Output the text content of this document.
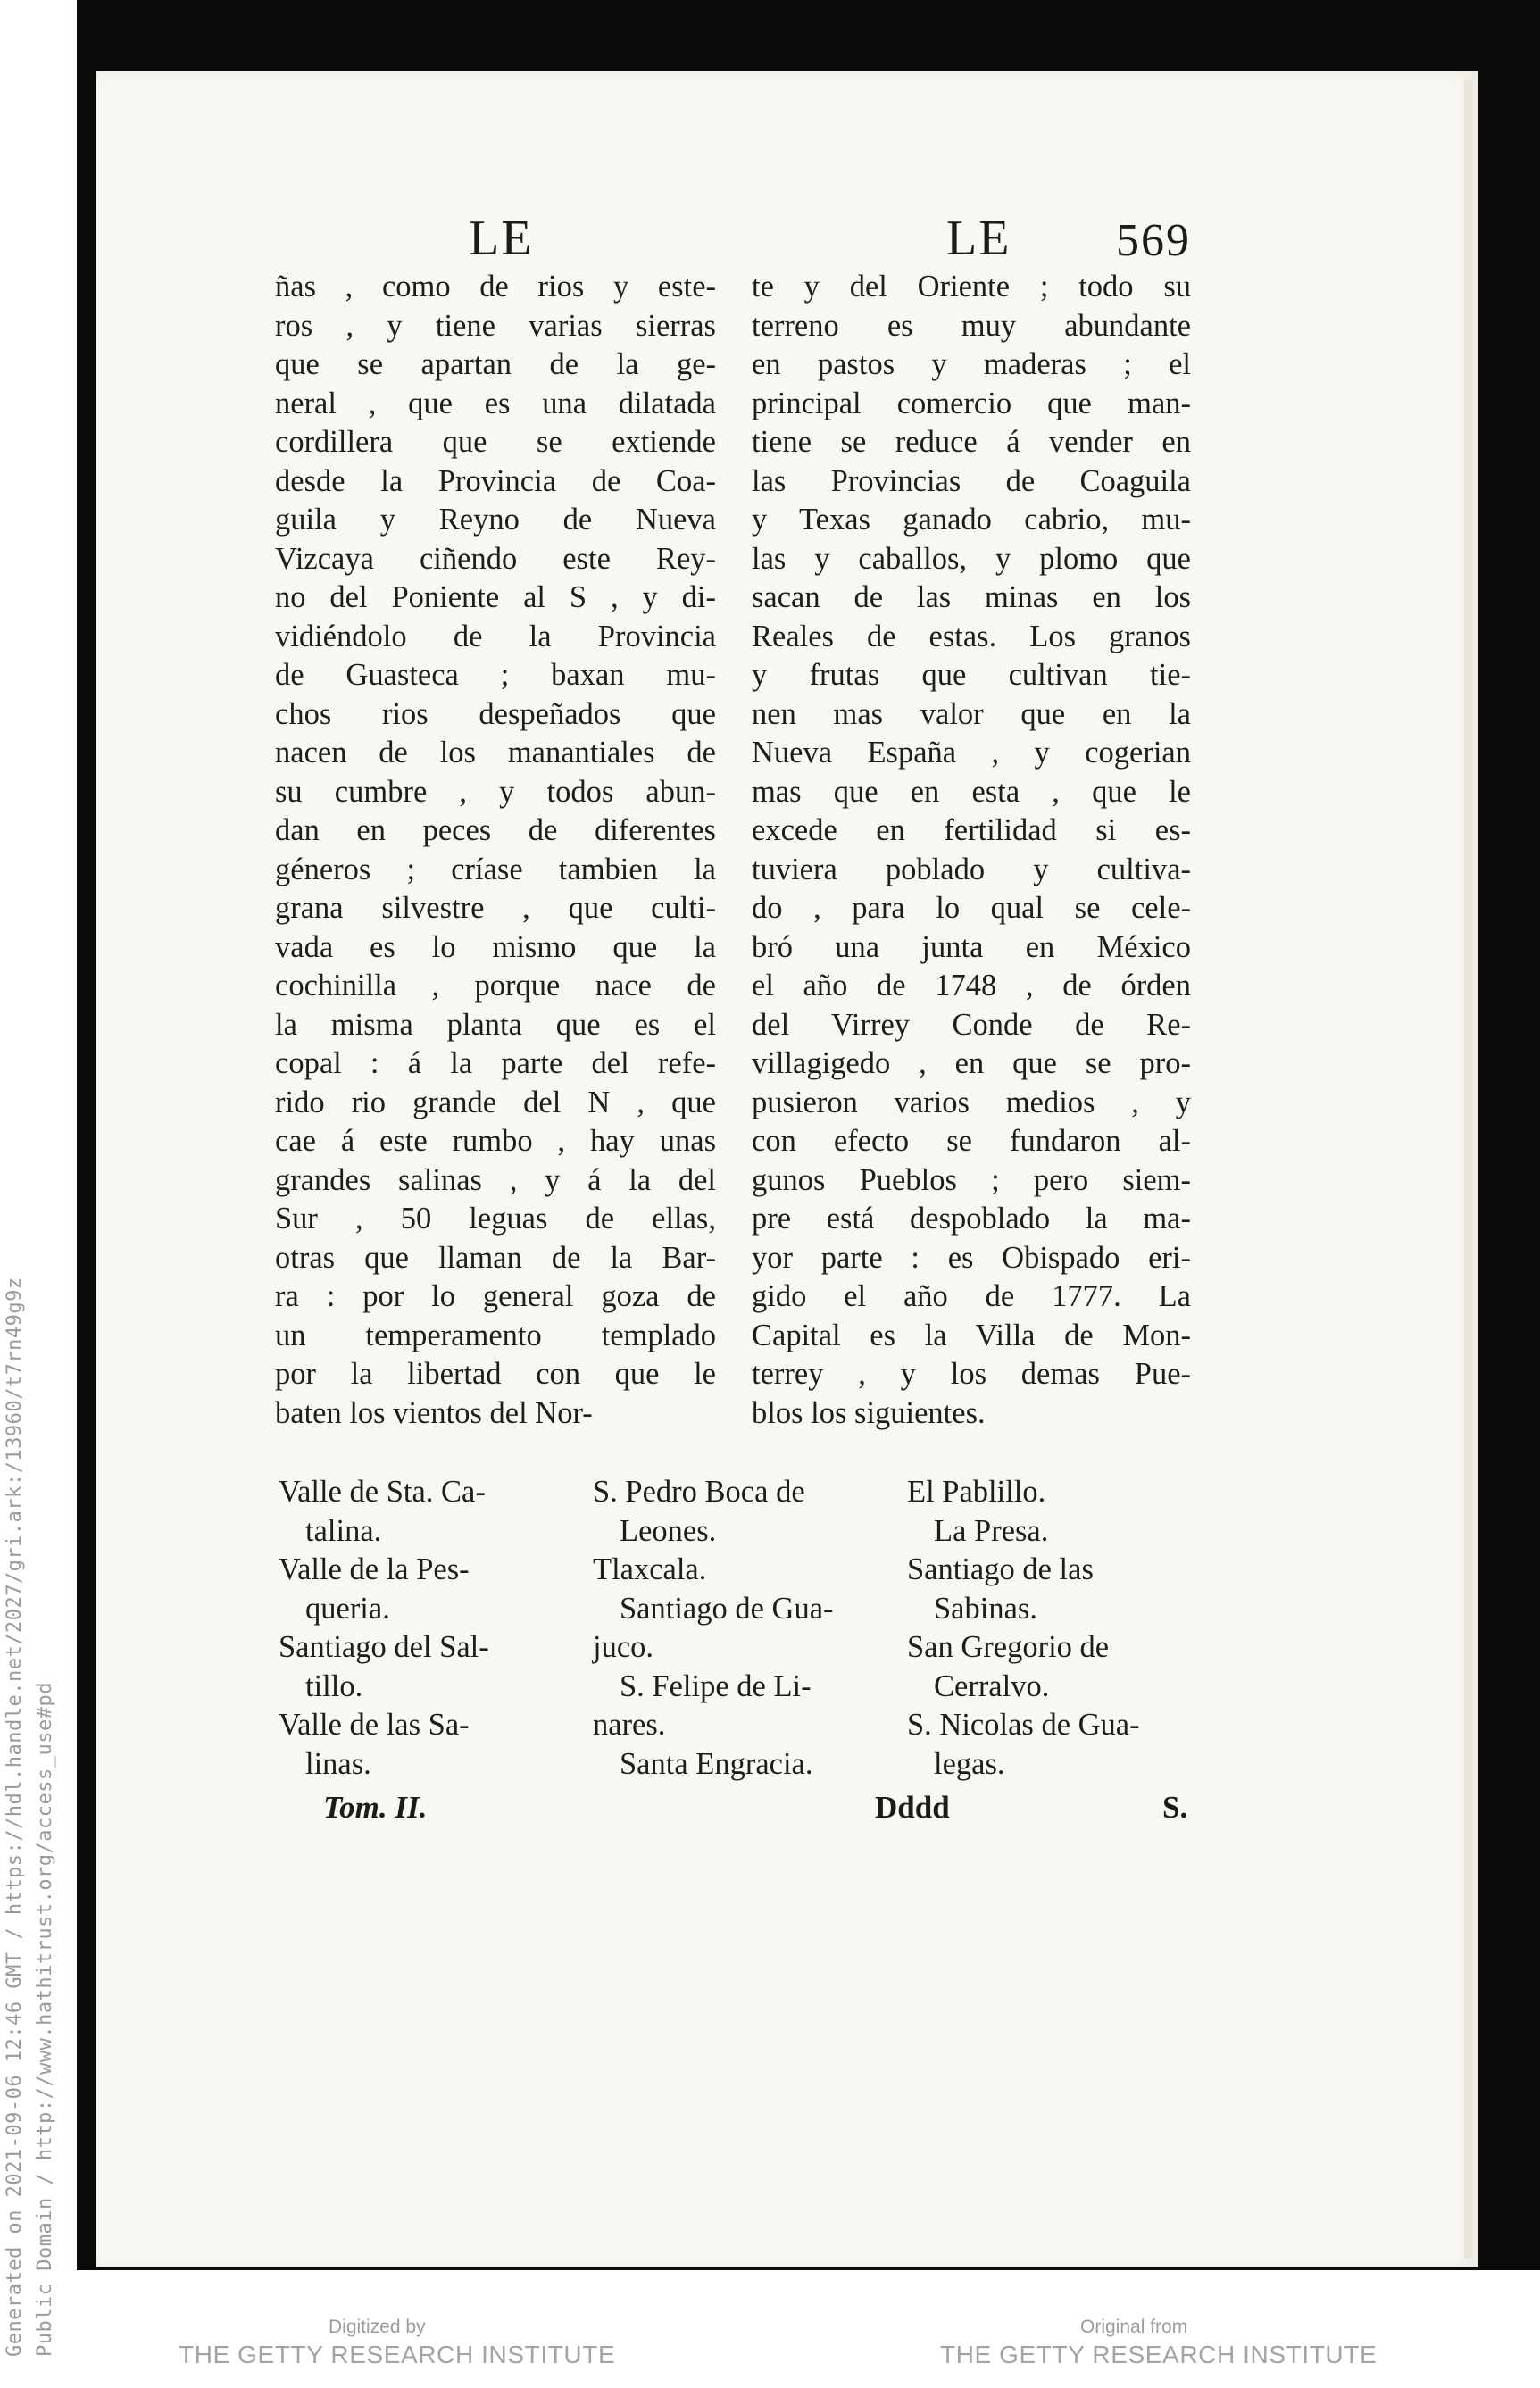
LE	LE 569
ñas , como de rios y este-
ros , y tiene varias sierras
que se apartan de la ge-
neral , que es una dilatada
cordillera que se extiende
desde la Provincia de Coa-
guila y Reyno de Nueva
Vizcaya ciñendo este Rey-
no del Poniente al S , y di-
vidiéndolo de la Provincia
de Guasteca ; baxan mu-
chos rios despeñados que
nacen de los manantiales de
su cumbre , y todos abun-
dan en peces de diferentes
géneros ; críase tambien la
grana silvestre , que culti-
vada es lo mismo que la
cochinilla , porque nace de
la misma planta que es el
copal : á la parte del refe-
rido rio grande del N , que
cae á este rumbo , hay unas
grandes salinas , y á la del
Sur , 50 leguas de ellas,
otras que llaman de la Bar-
ra : por lo general goza de
un temperamento templado
por la libertad con que le
baten los vientos del Nor-
te y del Oriente ; todo su
terreno es muy abundante
en pastos y maderas ; el
principal comercio que man-
tiene se reduce á vender en
las Provincias de Coaguila
y Texas ganado cabrio, mu-
las y caballos, y plomo que
sacan de las minas en los
Reales de estas. Los granos
y frutas que cultivan tie-
nen mas valor que en la
Nueva España , y cogerian
mas que en esta , que le
excede en fertilidad si es-
tuviera poblado y cultiva-
do , para lo qual se cele-
bró una junta en México
el año de 1748 , de órden
del Virrey Conde de Re-
villagigedo , en que se pro-
pusieron varios medios , y
con efecto se fundaron al-
gunos Pueblos ; pero siem-
pre está despoblado la ma-
yor parte : es Obispado eri-
gido el año de 1777. La
Capital es la Villa de Mon-
terrey , y los demas Pue-
blos los siguientes.
Valle de Sta. Ca-
talina.
Valle de la Pes-
queria.
Santiago del Sal-
tillo.
Valle de las Sa-
linas.
S. Pedro Boca de
Leones.
Tlaxcala.
Santiago de Gua-
juco.
S. Felipe de Li-
nares.
Santa Engracia.
El Pablillo.
La Presa.
Santiago de las
Sabinas.
San Gregorio de
Cerralvo.
S. Nicolas de Gua-
legas.
Tom. II.	Dddd	S.
Generated on 2021-09-06 12:46 GMT / https://hdl.handle.net/2027/gri.ark:/13960/t7rn49g9z Public Domain / http://www.hathitrust.org/access_use#pd	Digitized by
THE GETTY RESEARCH INSTITUTE
Original from
THE GETTY RESEARCH INSTITUTE
